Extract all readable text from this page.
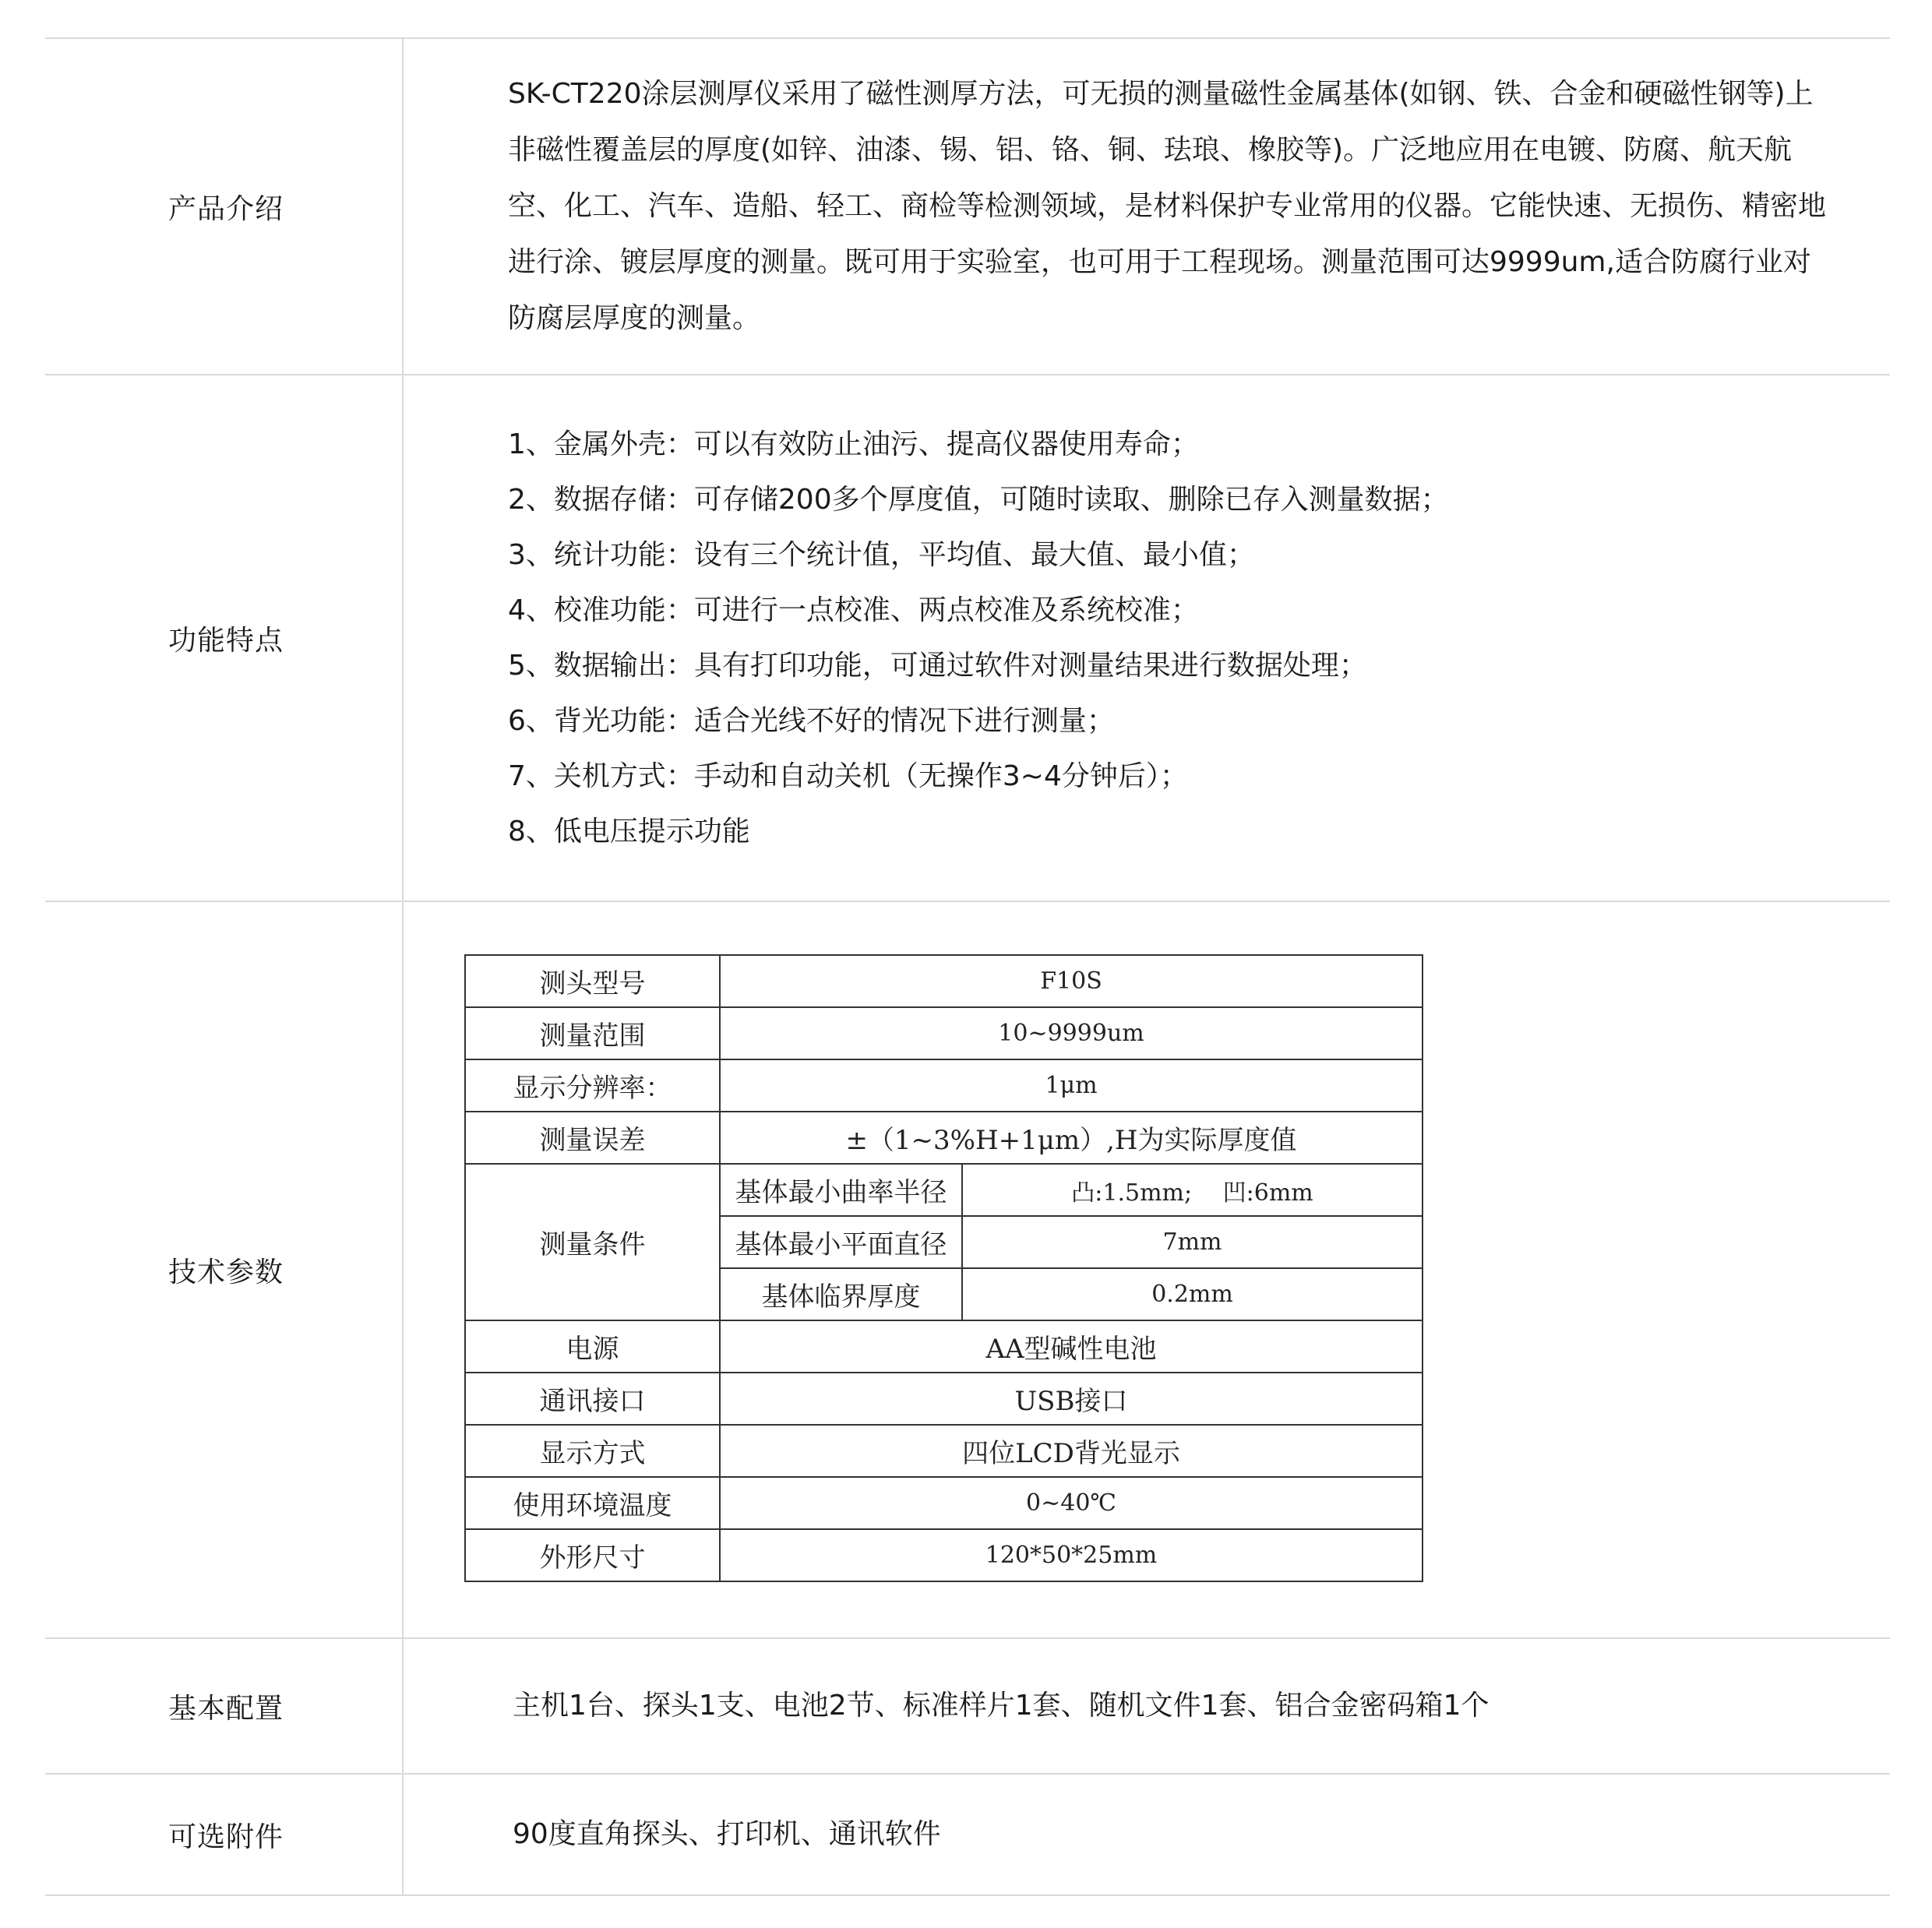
产品介绍

SK-CT220涂层测厚仪采用了磁性测厚方法，可无损的测量磁性金属基体(如钢、铁、合金和硬磁性钢等)上非磁性覆盖层的厚度(如锌、油漆、锡、铝、铬、铜、珐琅、橡胶等)。广泛地应用在电镀、防腐、航天航空、化工、汽车、造船、轻工、商检等检测领域，是材料保护专业常用的仪器。它能快速、无损伤、精密地进行涂、镀层厚度的测量。既可用于实验室，也可用于工程现场。测量范围可达9999um,适合防腐行业对防腐层厚度的测量。

功能特点
1、金属外壳：可以有效防止油污、提高仪器使用寿命；
2、数据存储：可存储200多个厚度值，可随时读取、删除已存入测量数据；
3、统计功能：设有三个统计值，平均值、最大值、最小值；
4、校准功能：可进行一点校准、两点校准及系统校准；
5、数据输出：具有打印功能，可通过软件对测量结果进行数据处理；
6、背光功能：适合光线不好的情况下进行测量；
7、关机方式：手动和自动关机（无操作3~4分钟后）；
8、低电压提示功能
技术参数
测头型号	F10S	
测量范围	10~9999um	
显示分辨率：	1μm	
测量误差	±（1~3%H+1μm）,H为实际厚度值	
测量条件	基体最小曲率半径	凸:1.5mm;　 凹:6mm
	基体最小平面直径	7mm
	基体临界厚度	0.2mm
电源	AA型碱性电池	
通讯接口	USB接口	
显示方式	四位LCD背光显示	
使用环境温度	0~40℃	
外形尺寸	120*50*25mm	
基本配置	主机1台、探头1支、电池2节、标准样片1套、随机文件1套、铝合金密码箱1个
可选附件	90度直角探头、打印机、通讯软件
